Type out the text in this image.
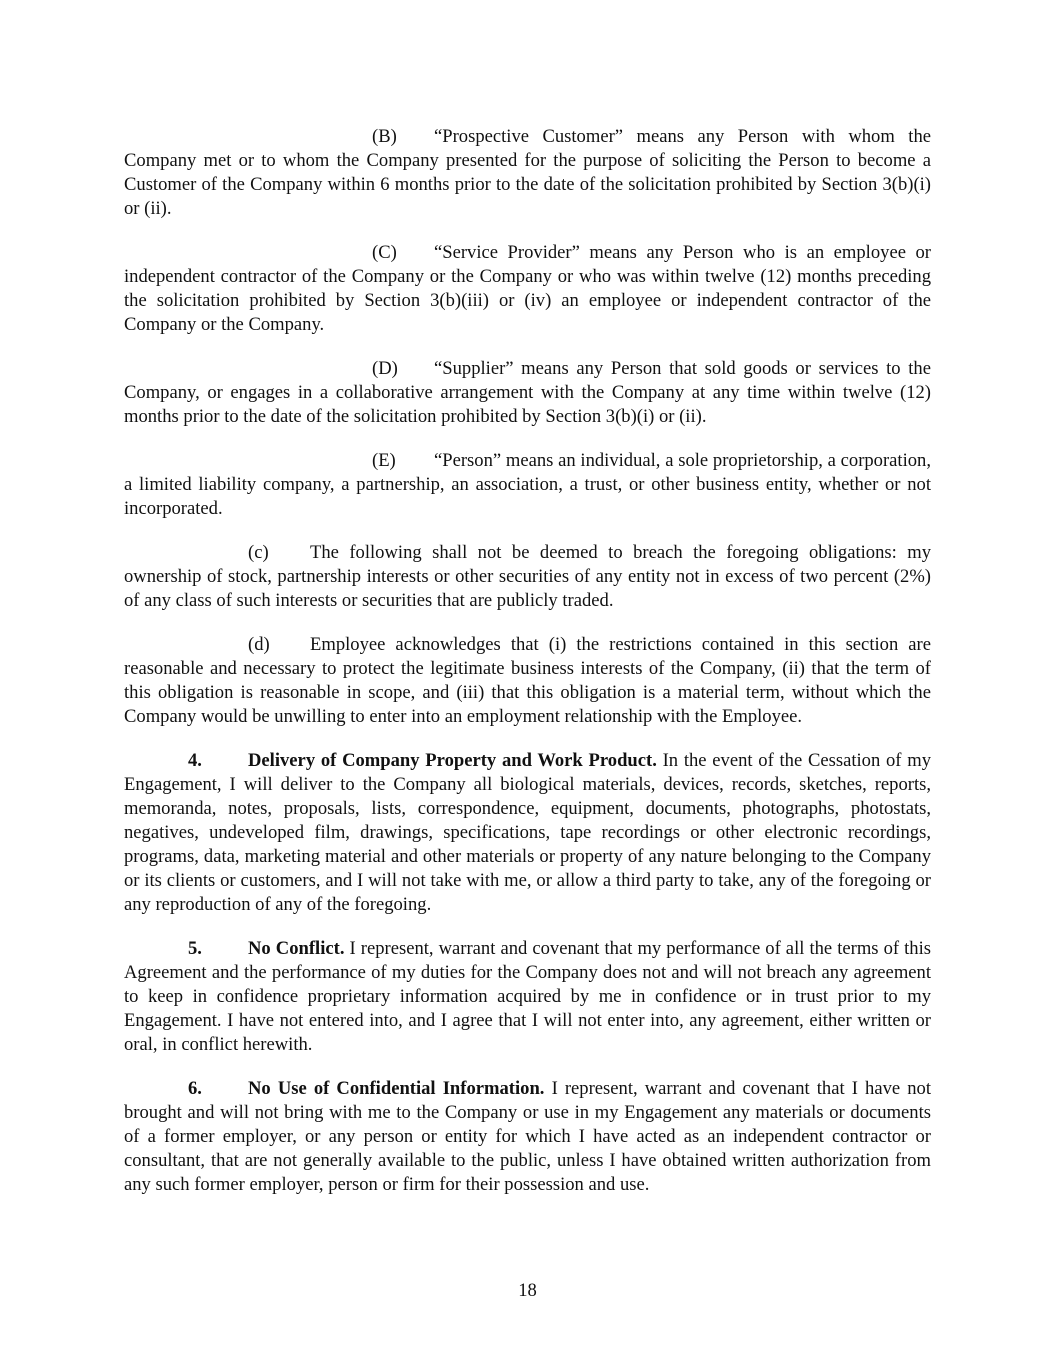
(B) “Prospective Customer” means any Person with whom the Company met or to whom the Company presented for the purpose of soliciting the Person to become a Customer of the Company within 6 months prior to the date of the solicitation prohibited by Section 3(b)(i) or (ii).

(C) “Service Provider” means any Person who is an employee or independent contractor of the Company or the Company or who was within twelve (12) months preceding the solicitation prohibited by Section 3(b)(iii) or (iv) an employee or independent contractor of the Company or the Company.

(D) “Supplier” means any Person that sold goods or services to the Company, or engages in a collaborative arrangement with the Company at any time within twelve (12) months prior to the date of the solicitation prohibited by Section 3(b)(i) or (ii).

(E) “Person” means an individual, a sole proprietorship, a corporation, a limited liability company, a partnership, an association, a trust, or other business entity, whether or not incorporated.

(c) The following shall not be deemed to breach the foregoing obligations: my ownership of stock, partnership interests or other securities of any entity not in excess of two percent (2%) of any class of such interests or securities that are publicly traded.

(d) Employee acknowledges that (i) the restrictions contained in this section are reasonable and necessary to protect the legitimate business interests of the Company, (ii) that the term of this obligation is reasonable in scope, and (iii) that this obligation is a material term, without which the Company would be unwilling to enter into an employment relationship with the Employee.

4. Delivery of Company Property and Work Product. In the event of the Cessation of my Engagement, I will deliver to the Company all biological materials, devices, records, sketches, reports, memoranda, notes, proposals, lists, correspondence, equipment, documents, photographs, photostats, negatives, undeveloped film, drawings, specifications, tape recordings or other electronic recordings, programs, data, marketing material and other materials or property of any nature belonging to the Company or its clients or customers, and I will not take with me, or allow a third party to take, any of the foregoing or any reproduction of any of the foregoing.

5. No Conflict. I represent, warrant and covenant that my performance of all the terms of this Agreement and the performance of my duties for the Company does not and will not breach any agreement to keep in confidence proprietary information acquired by me in confidence or in trust prior to my Engagement. I have not entered into, and I agree that I will not enter into, any agreement, either written or oral, in conflict herewith.

6. No Use of Confidential Information. I represent, warrant and covenant that I have not brought and will not bring with me to the Company or use in my Engagement any materials or documents of a former employer, or any person or entity for which I have acted as an independent contractor or consultant, that are not generally available to the public, unless I have obtained written authorization from any such former employer, person or firm for their possession and use.

18
